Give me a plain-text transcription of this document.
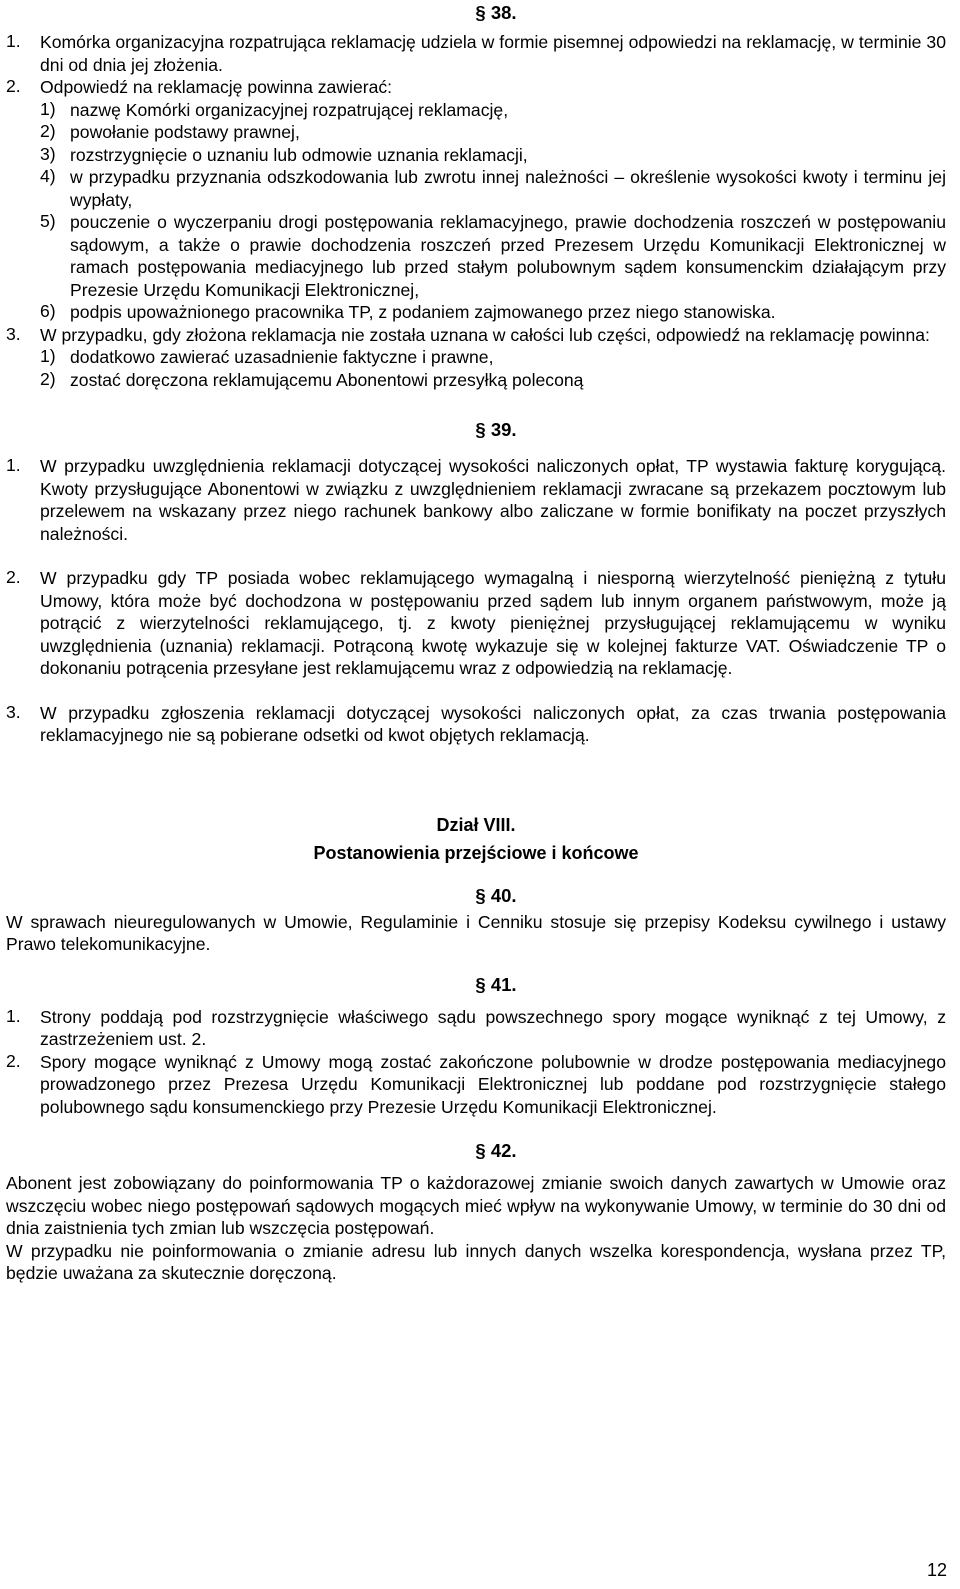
§ 38.
1.	Komórka organizacyjna rozpatrująca reklamację udziela w formie pisemnej odpowiedzi na reklamację, w terminie 30 dni od dnia jej złożenia.

2.	Odpowiedź na reklamację powinna zawierać:

1) nazwę Komórki organizacyjnej rozpatrującej reklamację,

2) powołanie podstawy prawnej,

3) rozstrzygnięcie o uznaniu lub odmowie uznania reklamacji,

4) w przypadku przyznania odszkodowania lub zwrotu innej należności – określenie wysokości kwoty i terminu jej wypłaty,

5) pouczenie o wyczerpaniu drogi postępowania reklamacyjnego, prawie dochodzenia roszczeń w postępowaniu sądowym, a także o prawie dochodzenia roszczeń przed Prezesem Urzędu Komunikacji Elektronicznej w ramach postępowania mediacyjnego lub przed stałym polubownym sądem konsumenckim działającym przy Prezesie Urzędu Komunikacji Elektronicznej,

6) podpis upoważnionego pracownika TP, z podaniem zajmowanego przez niego stanowiska.

3.	W przypadku, gdy złożona reklamacja nie została uznana w całości lub części, odpowiedź na reklamację powinna:

1) dodatkowo zawierać uzasadnienie faktyczne i prawne,

2) zostać doręczona reklamującemu Abonentowi przesyłką poleconą

§ 39.
1.	W przypadku uwzględnienia reklamacji dotyczącej wysokości naliczonych opłat, TP wystawia fakturę korygującą. Kwoty przysługujące Abonentowi w związku z uwzględnieniem reklamacji zwracane są przekazem pocztowym lub przelewem na wskazany przez niego rachunek bankowy albo zaliczane w formie bonifikaty na poczet przyszłych należności.

2.	W przypadku gdy TP posiada wobec reklamującego wymagalną i niesporną wierzytelność pieniężną z tytułu Umowy, która może być dochodzona w postępowaniu przed sądem lub innym organem państwowym, może ją potrącić z wierzytelności reklamującego, tj. z kwoty pieniężnej przysługującej reklamującemu w wyniku uwzględnienia (uznania) reklamacji. Potrąconą kwotę wykazuje się w kolejnej fakturze VAT. Oświadczenie TP o dokonaniu potrącenia przesyłane jest reklamującemu wraz z odpowiedzią na reklamację.

3.	W przypadku zgłoszenia reklamacji dotyczącej wysokości naliczonych opłat, za czas trwania postępowania reklamacyjnego nie są pobierane odsetki od kwot objętych reklamacją.

Dział VIII.
Postanowienia przejściowe i końcowe
§ 40.

W sprawach nieuregulowanych w Umowie, Regulaminie i Cenniku stosuje się przepisy Kodeksu cywilnego i ustawy Prawo telekomunikacyjne.

§ 41.
1.	Strony poddają pod rozstrzygnięcie właściwego sądu powszechnego spory mogące wyniknąć z tej Umowy, z zastrzeżeniem ust. 2.

2.	Spory mogące wyniknąć z Umowy mogą zostać zakończone polubownie w drodze postępowania mediacyjnego prowadzonego przez Prezesa Urzędu Komunikacji Elektronicznej lub poddane pod rozstrzygnięcie stałego polubownego sądu konsumenckiego przy Prezesie Urzędu Komunikacji Elektronicznej.

§ 42.

Abonent jest zobowiązany do poinformowania TP o każdorazowej zmianie swoich danych zawartych w Umowie oraz wszczęciu wobec niego postępowań sądowych mogących mieć wpływ na wykonywanie Umowy, w terminie do 30 dni od dnia zaistnienia tych zmian lub wszczęcia postępowań.

W przypadku nie poinformowania o zmianie adresu lub innych danych wszelka korespondencja, wysłana przez TP, będzie uważana za skutecznie doręczoną.

12
